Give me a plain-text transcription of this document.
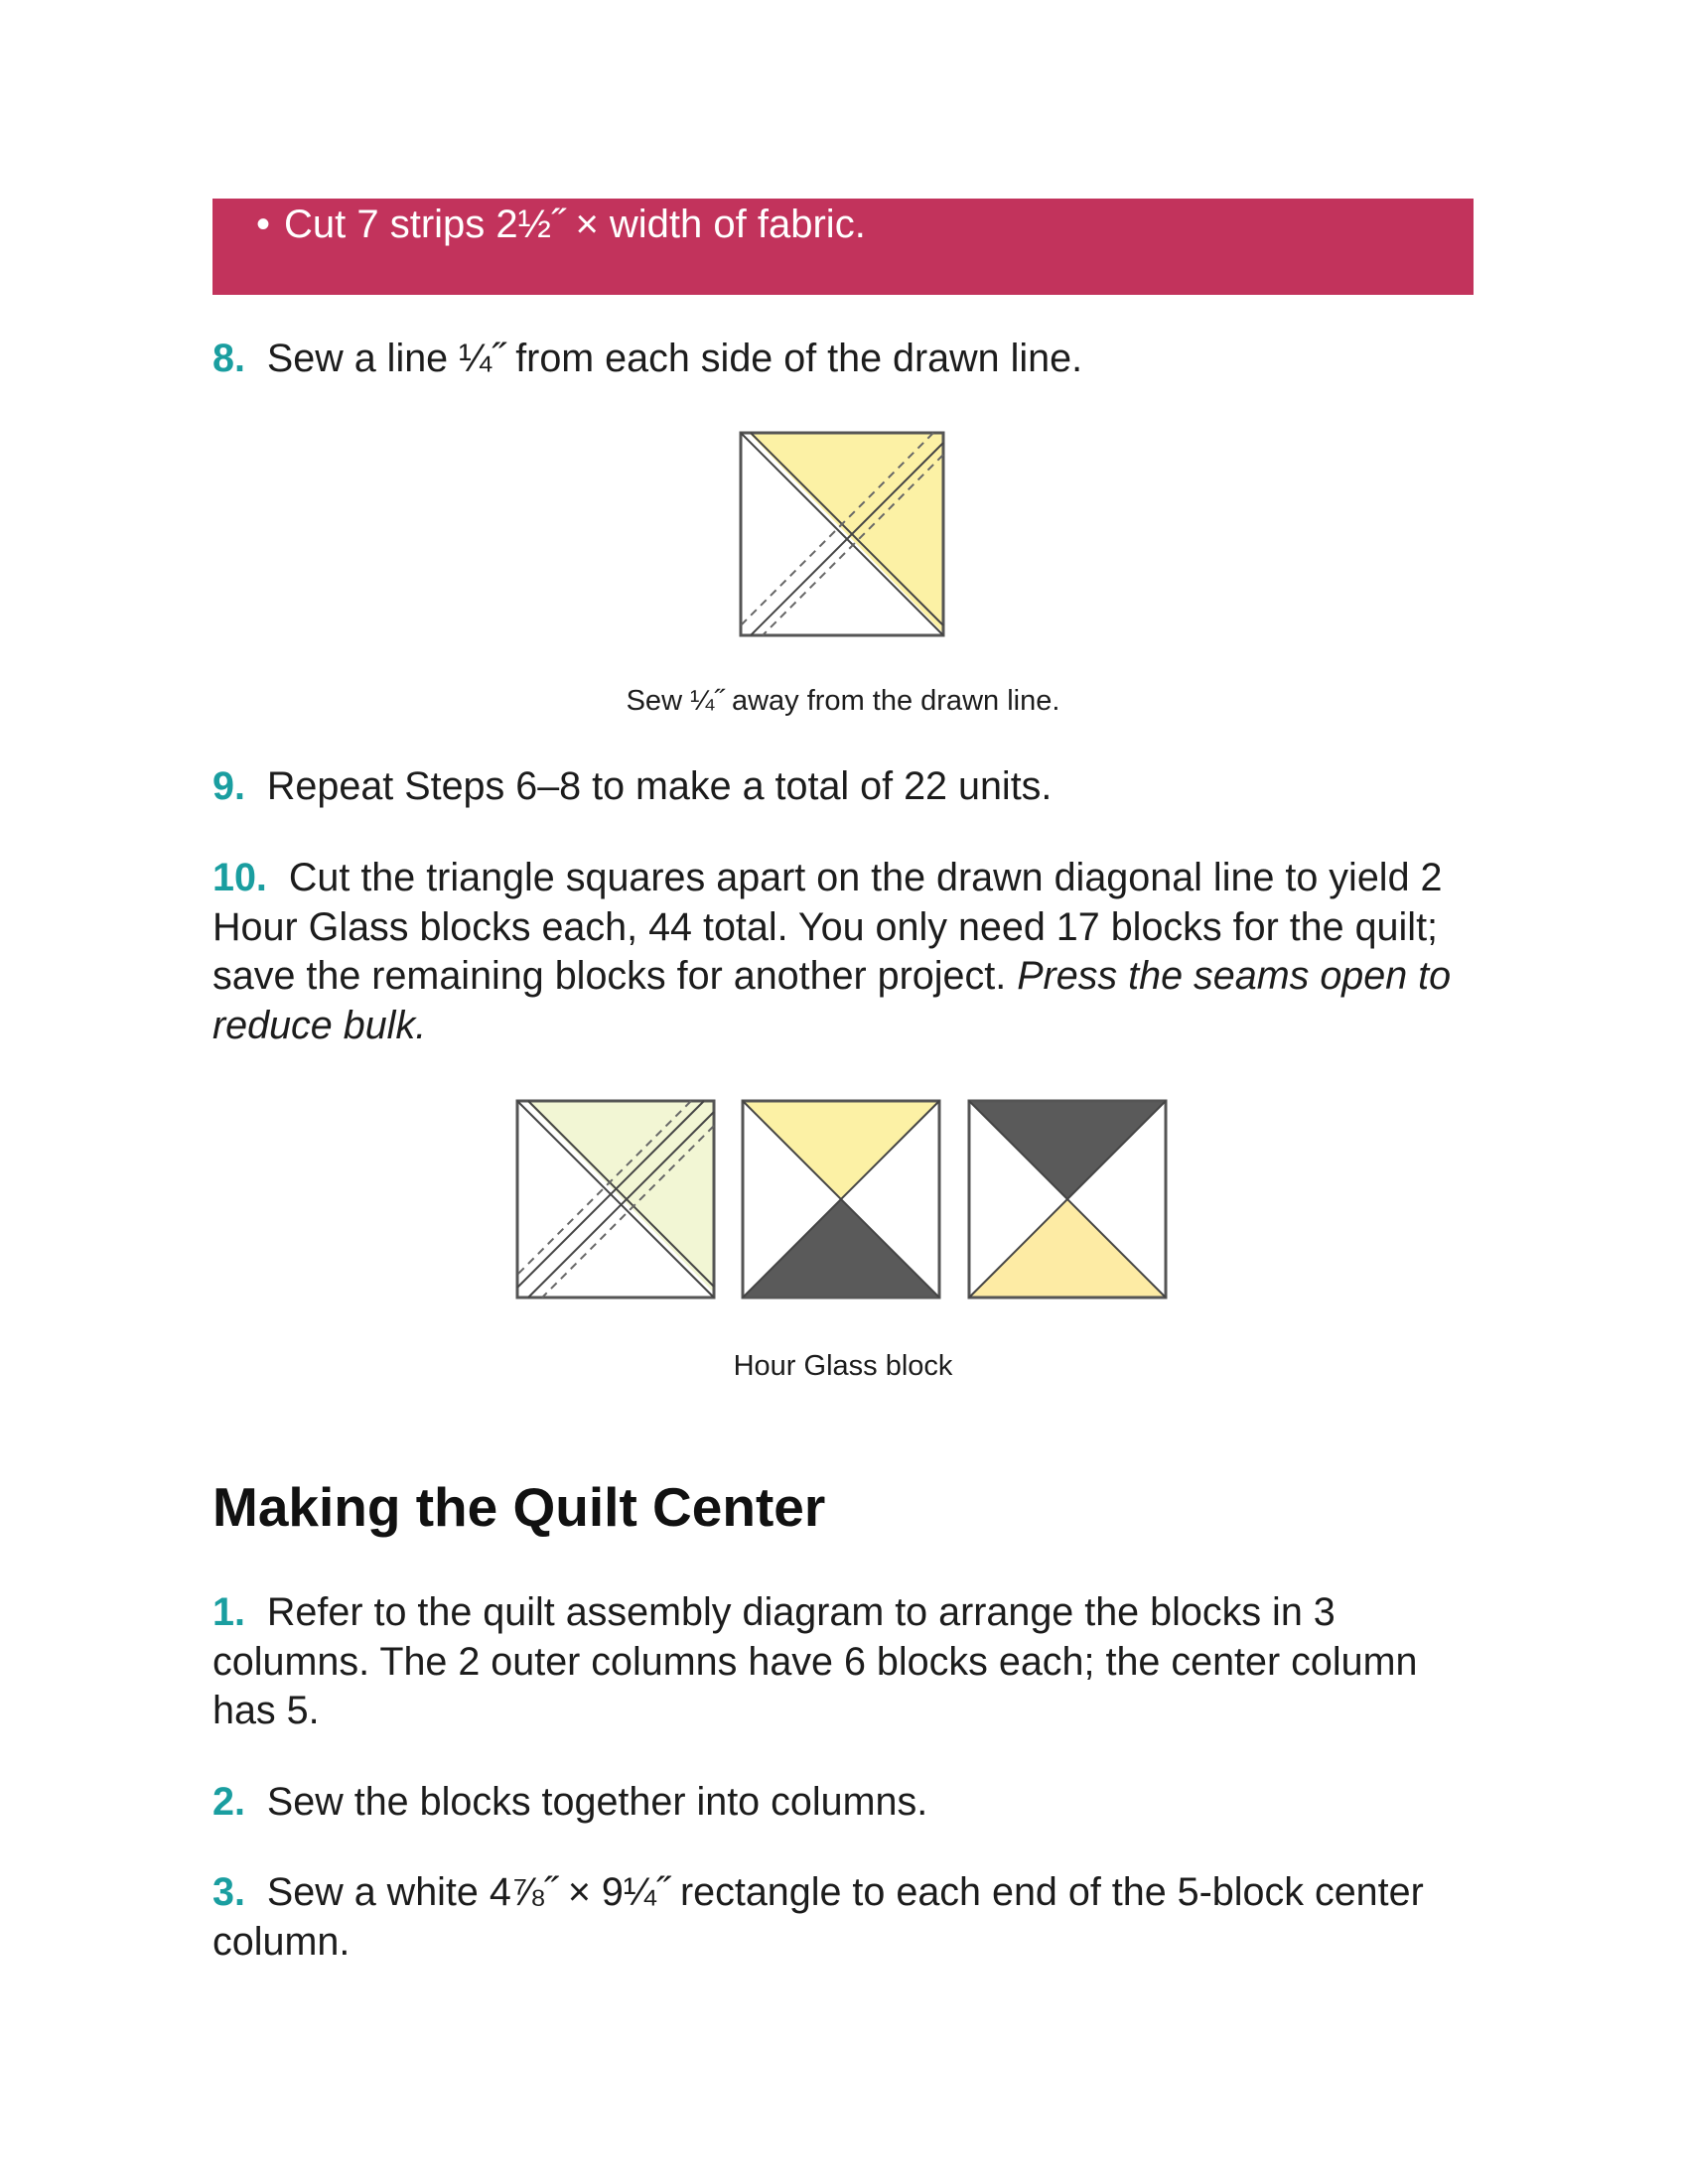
• Cut 7 strips 2½˝ × width of fabric.
8. Sew a line ¼˝ from each side of the drawn line.
Sew ¼˝ away from the drawn line.
9. Repeat Steps 6–8 to make a total of 22 units.
10. Cut the triangle squares apart on the drawn diagonal line to yield 2 Hour Glass blocks each, 44 total. You only need 17 blocks for the quilt; save the remaining blocks for another project. Press the seams open to reduce bulk.
Hour Glass block
Making the Quilt Center
1. Refer to the quilt assembly diagram to arrange the blocks in 3 columns. The 2 outer columns have 6 blocks each; the center column has 5.
2. Sew the blocks together into columns.
3. Sew a white 4⅞˝ × 9¼˝ rectangle to each end of the 5-block center column.
